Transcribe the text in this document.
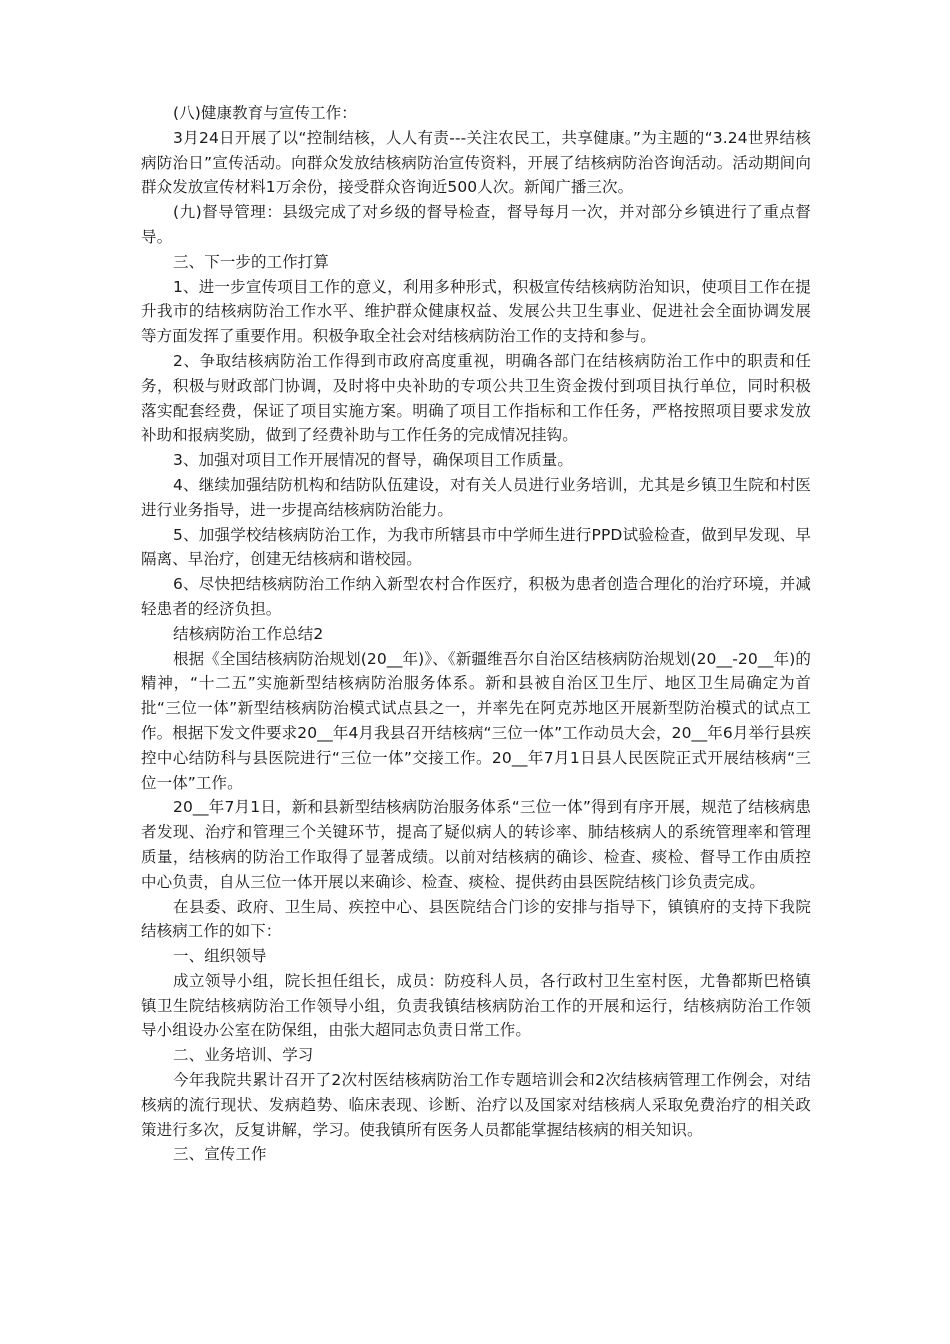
(八)健康教育与宣传工作：

3月24日开展了以“控制结核，人人有责---关注农民工，共享健康。”为主题的“3.24世界结核病防治日”宣传活动。向群众发放结核病防治宣传资料，开展了结核病防治咨询活动。活动期间向群众发放宣传材料1万余份，接受群众咨询近500人次。新闻广播三次。

(九)督导管理：县级完成了对乡级的督导检查，督导每月一次，并对部分乡镇进行了重点督导。

三、下一步的工作打算

1、进一步宣传项目工作的意义，利用多种形式，积极宣传结核病防治知识，使项目工作在提升我市的结核病防治工作水平、维护群众健康权益、发展公共卫生事业、促进社会全面协调发展等方面发挥了重要作用。积极争取全社会对结核病防治工作的支持和参与。

2、争取结核病防治工作得到市政府高度重视，明确各部门在结核病防治工作中的职责和任务，积极与财政部门协调，及时将中央补助的专项公共卫生资金拨付到项目执行单位，同时积极落实配套经费，保证了项目实施方案。明确了项目工作指标和工作任务，严格按照项目要求发放补助和报病奖励，做到了经费补助与工作任务的完成情况挂钩。

3、加强对项目工作开展情况的督导，确保项目工作质量。

4、继续加强结防机构和结防队伍建设，对有关人员进行业务培训，尤其是乡镇卫生院和村医进行业务指导，进一步提高结核病防治能力。

5、加强学校结核病防治工作，为我市所辖县市中学师生进行PPD试验检查，做到早发现、早隔离、早治疗，创建无结核病和谐校园。

6、尽快把结核病防治工作纳入新型农村合作医疗，积极为患者创造合理化的治疗环境，并减轻患者的经济负担。

结核病防治工作总结2

根据《全国结核病防治规划(20__年)》、《新疆维吾尔自治区结核病防治规划(20__-20__年)的精神，“十二五”实施新型结核病防治服务体系。新和县被自治区卫生厅、地区卫生局确定为首批“三位一体”新型结核病防治模式试点县之一，并率先在阿克苏地区开展新型防治模式的试点工作。根据下发文件要求20__年4月我县召开结核病“三位一体”工作动员大会，20__年6月举行县疾控中心结防科与县医院进行“三位一体”交接工作。20__年7月1日县人民医院正式开展结核病“三位一体”工作。

20__年7月1日，新和县新型结核病防治服务体系“三位一体”得到有序开展，规范了结核病患者发现、治疗和管理三个关键环节，提高了疑似病人的转诊率、肺结核病人的系统管理率和管理质量，结核病的防治工作取得了显著成绩。以前对结核病的确诊、检查、痰检、督导工作由质控中心负责，自从三位一体开展以来确诊、检查、痰检、提供药由县医院结核门诊负责完成。

在县委、政府、卫生局、疾控中心、县医院结合门诊的安排与指导下，镇镇府的支持下我院结核病工作的如下：

一、组织领导

成立领导小组，院长担任组长，成员：防疫科人员，各行政村卫生室村医，尤鲁都斯巴格镇镇卫生院结核病防治工作领导小组，负责我镇结核病防治工作的开展和运行，结核病防治工作领导小组设办公室在防保组，由张大超同志负责日常工作。

二、业务培训、学习

今年我院共累计召开了2次村医结核病防治工作专题培训会和2次结核病管理工作例会，对结核病的流行现状、发病趋势、临床表现、诊断、治疗以及国家对结核病人采取免费治疗的相关政策进行多次，反复讲解，学习。使我镇所有医务人员都能掌握结核病的相关知识。

三、宣传工作
